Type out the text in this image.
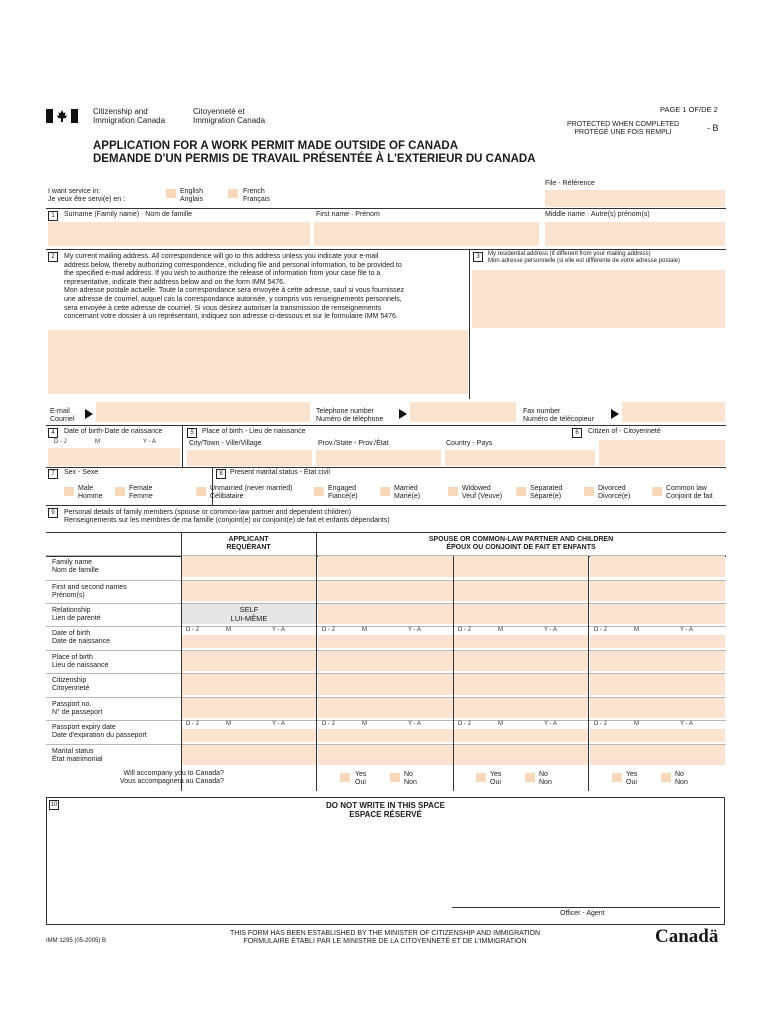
Citizenship and
Immigration Canada
Citoyenneté et
Immigration Canada
PAGE 1 OF/DE 2
PROTECTED WHEN COMPLETED
PROTÉGÉ UNE FOIS REMPLI	- B
APPLICATION FOR A WORK PERMIT MADE OUTSIDE OF CANADA
DEMANDE D'UN PERMIS DE TRAVAIL PRÉSENTÉE À L'EXTERIEUR DU CANADA
I want service in:
Je veux être servi(e) en :
English
Anglais
French
Français
File - Référence
1	Surname (Family name) · Nom de famille	First name · Prénom	Middle name · Autre(s) prénom(s)
2	My current mailing address. All correspondence will go to this address unless you indicate your e-mail
address below, thereby authorizing correspondence, including file and personal information, to be provided to
the specified e-mail address. If you wish to authorize the release of information from your case file to a
representative, indicate their address below and on the form IMM 5476.
Mon adresse postale actuelle. Toute la correspondance sera envoyée à cette adresse, sauf si vous fournissez
une adresse de courriel, auquel cas la correspondance autorisée, y compris vos renseignements personnels,
sera envoyée à cette adresse de courriel. Si vous désirez autoriser la transmission de renseignements
concernant votre dossier à un représentant, indiquez son adresse ci-dessous et sur le formulaire IMM 5476.
3	My residential address (if different from your mailing address)
Mon adresse personnelle (si elle est différente de votre adresse postale)
E-mail
Courriel
Telephone number
Numéro de téléphone
Fax number
Numéro de télécopieur
4	Date of birth-Date de naissance
D - J	M	Y - A
5	Place of birth - Lieu de naissance
City/Town - Ville/Village	Prov./State - Prov./État	Country - Pays
6	Citizen of - Citoyenneté
7	Sex - Sexe
Male
Homme
Female
Femme
8	Present marital status - État civil
Unmarried (never married)
Célibataire
Engaged
Fiancé(e)
Married
Marié(e)
Widowed
Veuf (Veuve)
Separated
Séparé(e)
Divorced
Divorcé(e)
Common law
Conjoint de fait
9	Personal details of family members (spouse or common-law partner and dependent children)
Renseignements sur les membres de ma famille (conjoint(e) ou conjoint(e) de fait et enfants dépendants)
APPLICANT
REQUÉRANT
SPOUSE OR COMMON-LAW PARTNER AND CHILDREN
ÉPOUX OU CONJOINT DE FAIT ET ENFANTS
Family name
Nom de famille
First and second names
Prénom(s)
Relationship
Lien de parenté
SELF
LUI-MÊME
Date of birth
Date de naissance
D - J	M	Y - A	D - J	M	Y - A	D - J	M	Y - A	D - J	M	Y - A
Place of birth
Lieu de naissance
Citizenship
Citoyenneté
Passport no.
N° de passeport
Passport expiry date
Date d'expiration du passeport
D - J	M	Y - A	D - J	M	Y - A	D - J	M	Y - A	D - J	M	Y - A
Marital status
État matrimonial
Will accompany you to Canada?
Vous accompagnera au Canada?
Yes
Oui
No
Non
Yes
Oui
No
Non
Yes
Oui
No
Non
10	DO NOT WRITE IN THIS SPACE
ESPACE RÉSERVÉ
Officer - Agent
IMM 1295 (05-2005) B
THIS FORM HAS BEEN ESTABLISHED BY THE MINISTER OF CITIZENSHIP AND IMMIGRATION
FORMULAIRE ÉTABLI PAR LE MINISTRE DE LA CITOYENNETÉ ET DE L'IMMIGRATION	Canadä
